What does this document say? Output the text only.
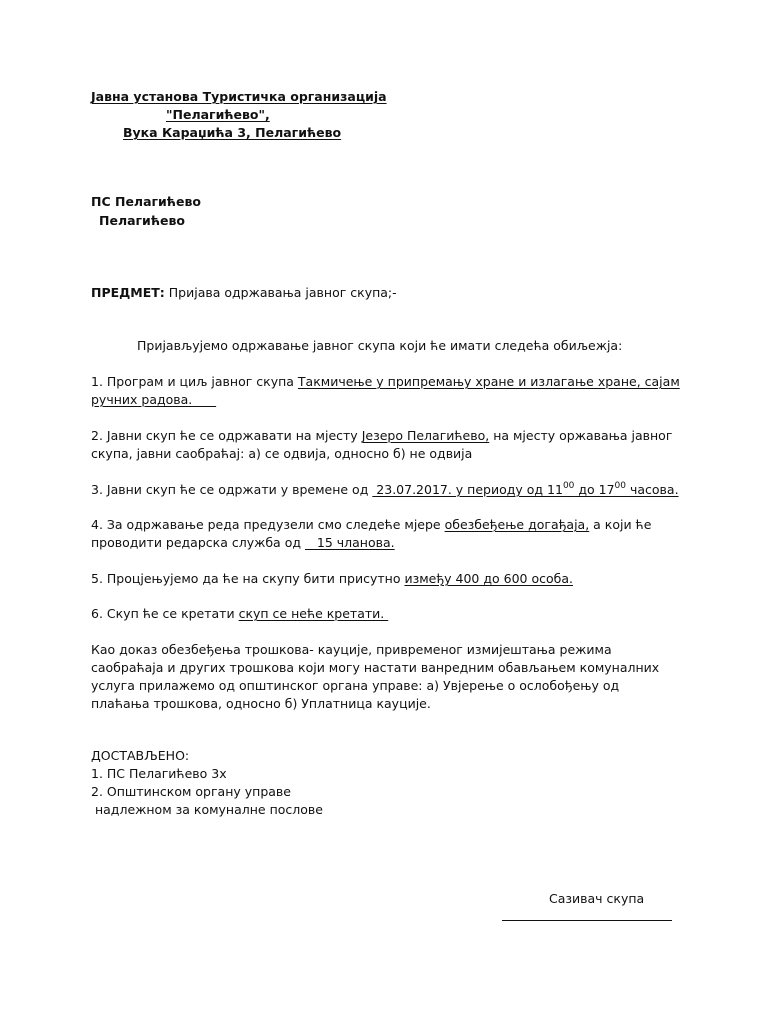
Јавна установа Туристичка организација
"Пелагићево",
Вука Караџића 3, Пелагићево
ПС Пелагићево
Пелагићево
ПРЕДМЕТ: Пријава одржавања јавног скупа;-
Пријављујемо одржавање јавног скупа који ће имати следећа обиљежја:
1. Програм и циљ јавног скупа Такмичење у припремању хране и излагање хране, сајам
ручних радова.
2. Јавни скуп ће се одржавати на мјесту Језеро Пелагићево, на мјесту оржавања јавног
скупа, јавни саобраћај: а) се одвија, односно б) не одвија
3. Јавни скуп ће се одржати у времене од  23.07.2017. у периоду од $11^{00}$ до $17^{00}$ часова.
4. За одржавање реда предузели смо следеће мјере обезбеђење догађаја, а који ће
проводити редарска служба од    15 чланова.
5. Процјењујемо да ће на скупу бити присутно између 400 до 600 особа.
6. Скуп ће се кретати скуп се неће кретати.
Као доказ обезбеђења трошкова- кауције, привременог измијештања режима
саобраћаја и других трошкова који могу настати ванредним обављањем комуналних
услуга прилажемо од општинског органа управе: а) Увјерење о ослобођењу од
плаћања трошкова, односно б) Уплатница кауције.
ДОСТАВЉЕНО:
1. ПС Пелагићево 3х
2. Општинском органу управе
надлежном за комуналне послове
Сазивач скупа
